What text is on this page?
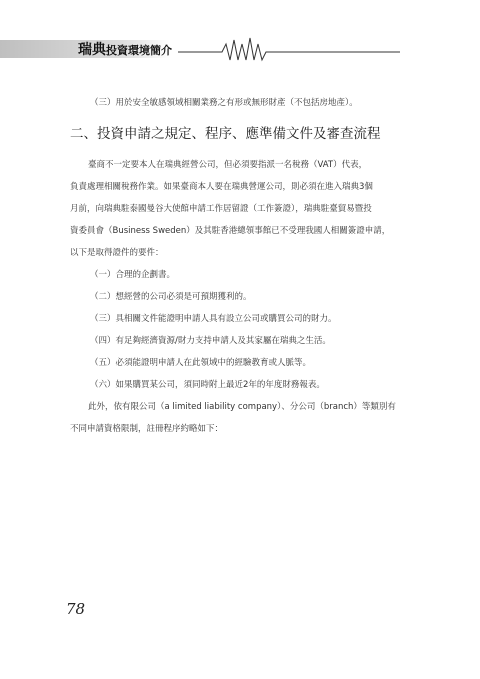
瑞典投資環境簡介
（三）用於安全敏感領域相關業務之有形或無形財產（不包括房地產）。
二、投資申請之規定、程序、應準備文件及審查流程
臺商不一定要本人在瑞典經營公司，但必須要指派一名稅務（VAT）代表，
負責處理相關稅務作業。如果臺商本人要在瑞典營運公司，則必須在進入瑞典3個
月前，向瑞典駐泰國曼谷大使館申請工作居留證（工作簽證），瑞典駐臺貿易暨投
資委員會（Business Sweden）及其駐香港總領事館已不受理我國人相關簽證申請，
以下是取得證件的要件：
（一）合理的企劃書。
（二）想經營的公司必須是可預期獲利的。
（三）具相關文件能證明申請人具有設立公司或購買公司的財力。
（四）有足夠經濟資源/財力支持申請人及其家屬在瑞典之生活。
（五）必須能證明申請人在此領域中的經驗教育或人脈等。
（六）如果購買某公司，須同時附上最近2年的年度財務報表。
此外，依有限公司（a limited liability company）、分公司（branch）等類別有
不同申請資格限制，註冊程序約略如下：
78
